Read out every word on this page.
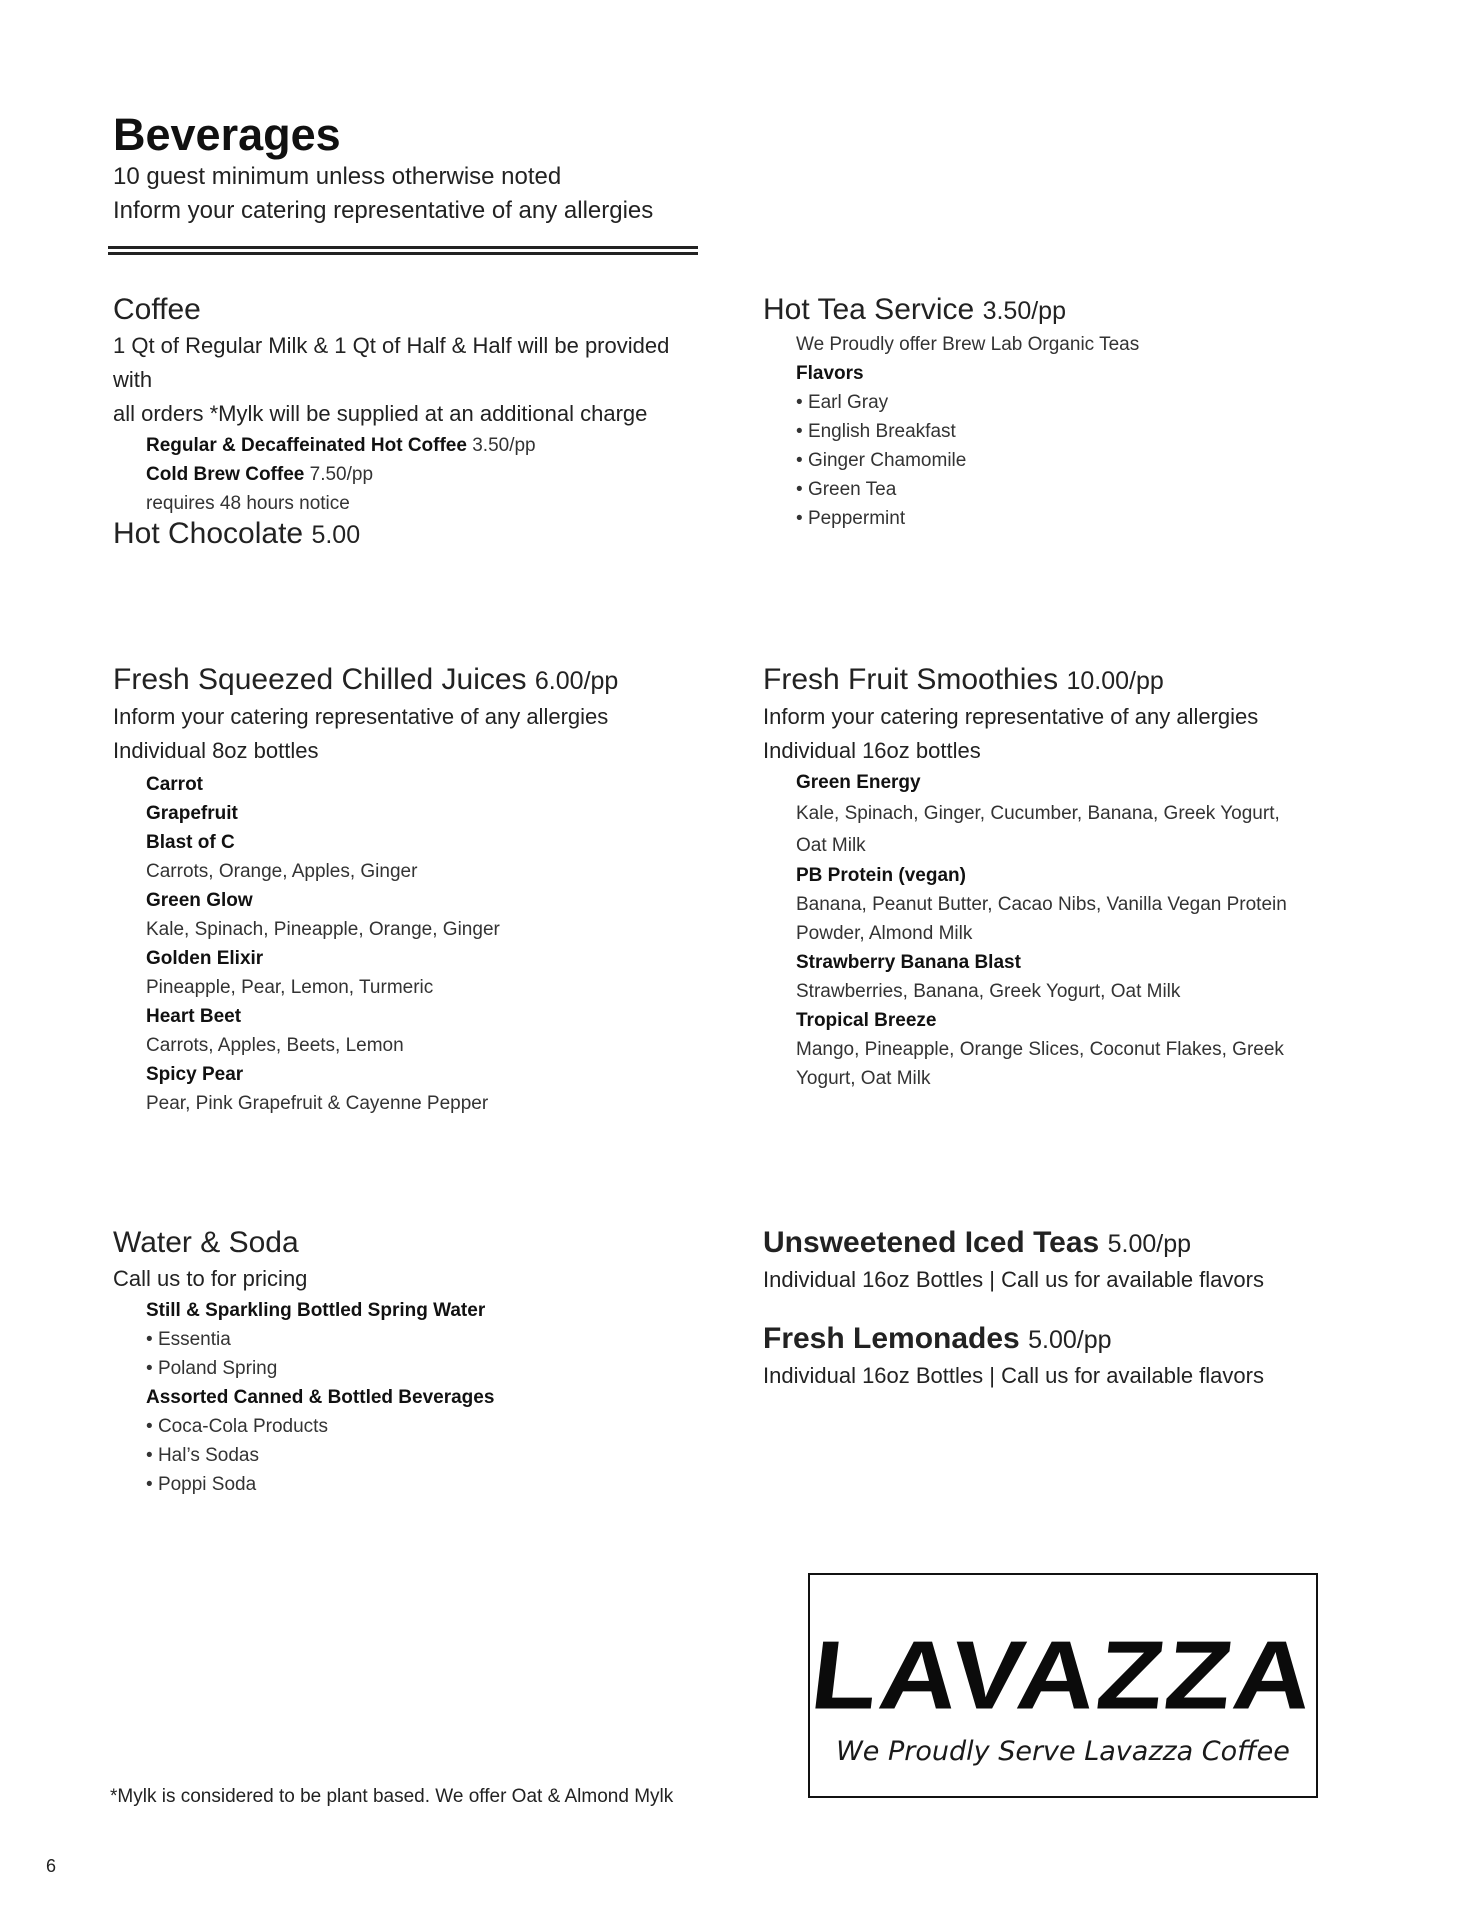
Beverages
10 guest minimum unless otherwise noted
Inform your catering representative of any allergies
Coffee
1 Qt of Regular Milk & 1 Qt of Half & Half will be provided with
all orders *Mylk will be supplied at an additional charge
Regular & Decaffeinated Hot Coffee 3.50/pp
Cold Brew Coffee 7.50/pp
requires 48 hours notice
Hot Chocolate 5.00
Hot Tea Service 3.50/pp
We Proudly offer Brew Lab Organic Teas
Flavors
• Earl Gray
• English Breakfast
• Ginger Chamomile
• Green Tea
• Peppermint
Fresh Squeezed Chilled Juices 6.00/pp
Inform your catering representative of any allergies
Individual 8oz bottles
Carrot
Grapefruit
Blast of C
Carrots, Orange, Apples, Ginger
Green Glow
Kale, Spinach, Pineapple, Orange, Ginger
Golden Elixir
Pineapple, Pear, Lemon, Turmeric
Heart Beet
Carrots, Apples, Beets, Lemon
Spicy Pear
Pear, Pink Grapefruit & Cayenne Pepper
Fresh Fruit Smoothies 10.00/pp
Inform your catering representative of any allergies
Individual 16oz bottles
Green Energy
Kale, Spinach, Ginger, Cucumber, Banana, Greek Yogurt,
Oat Milk
PB Protein (vegan)
Banana, Peanut Butter, Cacao Nibs, Vanilla Vegan Protein
Powder, Almond Milk
Strawberry Banana Blast
Strawberries, Banana, Greek Yogurt, Oat Milk
Tropical Breeze
Mango, Pineapple, Orange Slices, Coconut Flakes, Greek
Yogurt, Oat Milk
Water & Soda
Call us to for pricing
Still & Sparkling Bottled Spring Water
• Essentia
• Poland Spring
Assorted Canned & Bottled Beverages
• Coca-Cola Products
• Hal’s Sodas
• Poppi Soda
Unsweetened Iced Teas 5.00/pp
Individual 16oz Bottles | Call us for available flavors
Fresh Lemonades 5.00/pp
Individual 16oz Bottles | Call us for available flavors
LAVAZZA
We Proudly Serve Lavazza Coffee
*Mylk is considered to be plant based. We offer Oat & Almond Mylk
6
